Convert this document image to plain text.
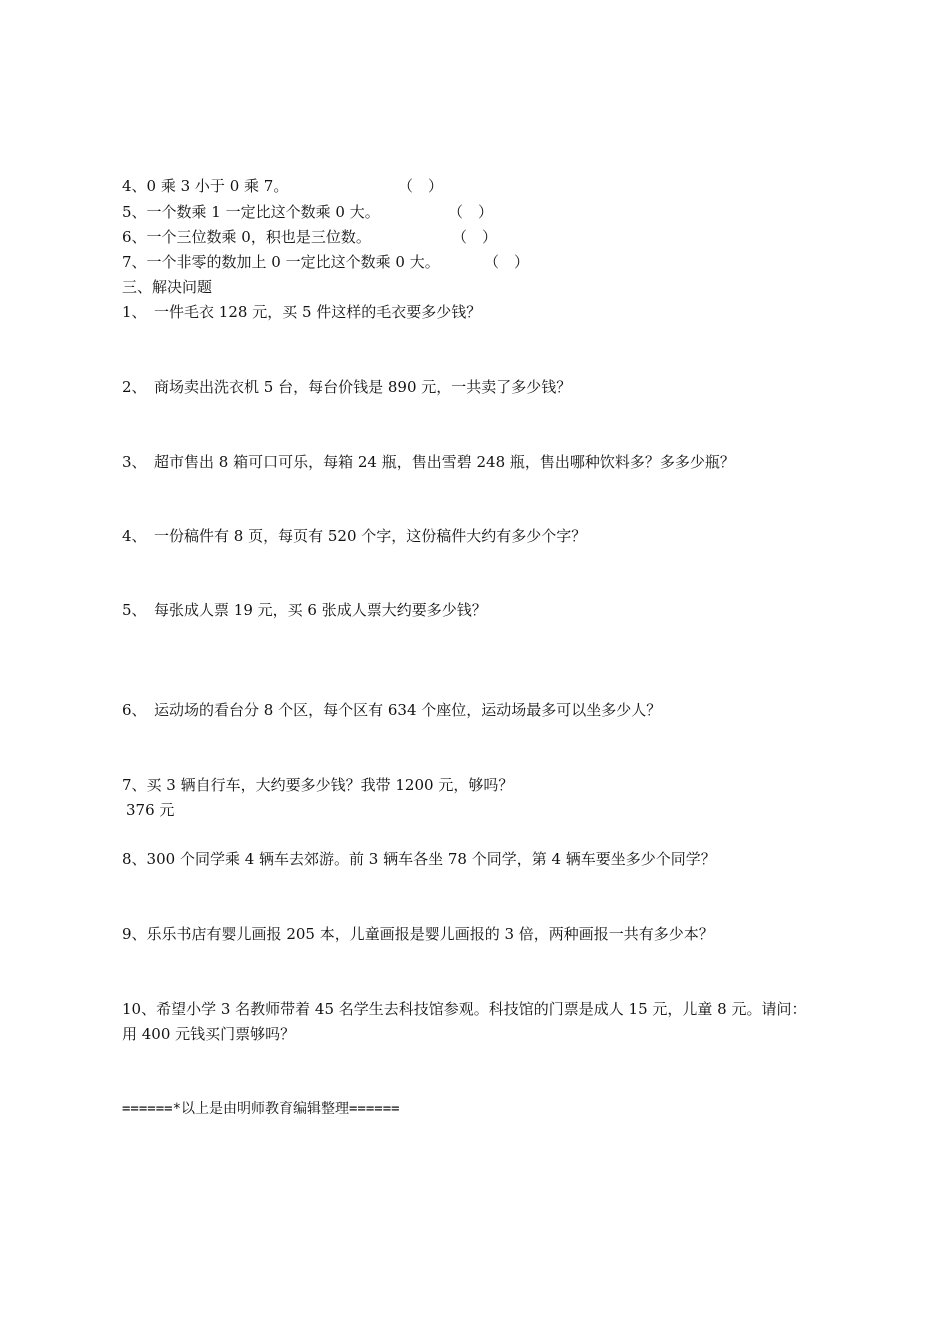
4、0 乘 3 小于 0 乘 7。	（　）
5、一个数乘 1 一定比这个数乘 0 大。	（　）
6、一个三位数乘 0，积也是三位数。	（　）
7、一个非零的数加上 0 一定比这个数乘 0 大。	（　）
三、解决问题
1、　一件毛衣 128 元，买 5 件这样的毛衣要多少钱？
2、　商场卖出洗衣机 5 台，每台价钱是 890 元，一共卖了多少钱？
3、　超市售出 8 箱可口可乐，每箱 24 瓶，售出雪碧 248 瓶，售出哪种饮料多？多多少瓶？
4、　一份稿件有 8 页，每页有 520 个字，这份稿件大约有多少个字？
5、　每张成人票 19 元，买 6 张成人票大约要多少钱？
6、　运动场的看台分 8 个区，每个区有 634 个座位，运动场最多可以坐多少人？
7、买 3 辆自行车，大约要多少钱？我带 1200 元，够吗？
376 元
8、300 个同学乘 4 辆车去郊游。前 3 辆车各坐 78 个同学，第 4 辆车要坐多少个同学？
9、乐乐书店有婴儿画报 205 本，儿童画报是婴儿画报的 3 倍，两种画报一共有多少本？
10、希望小学 3 名教师带着 45 名学生去科技馆参观。科技馆的门票是成人 15 元，儿童 8 元。请问：
用 400 元钱买门票够吗？
======*以上是由明师教育编辑整理======
